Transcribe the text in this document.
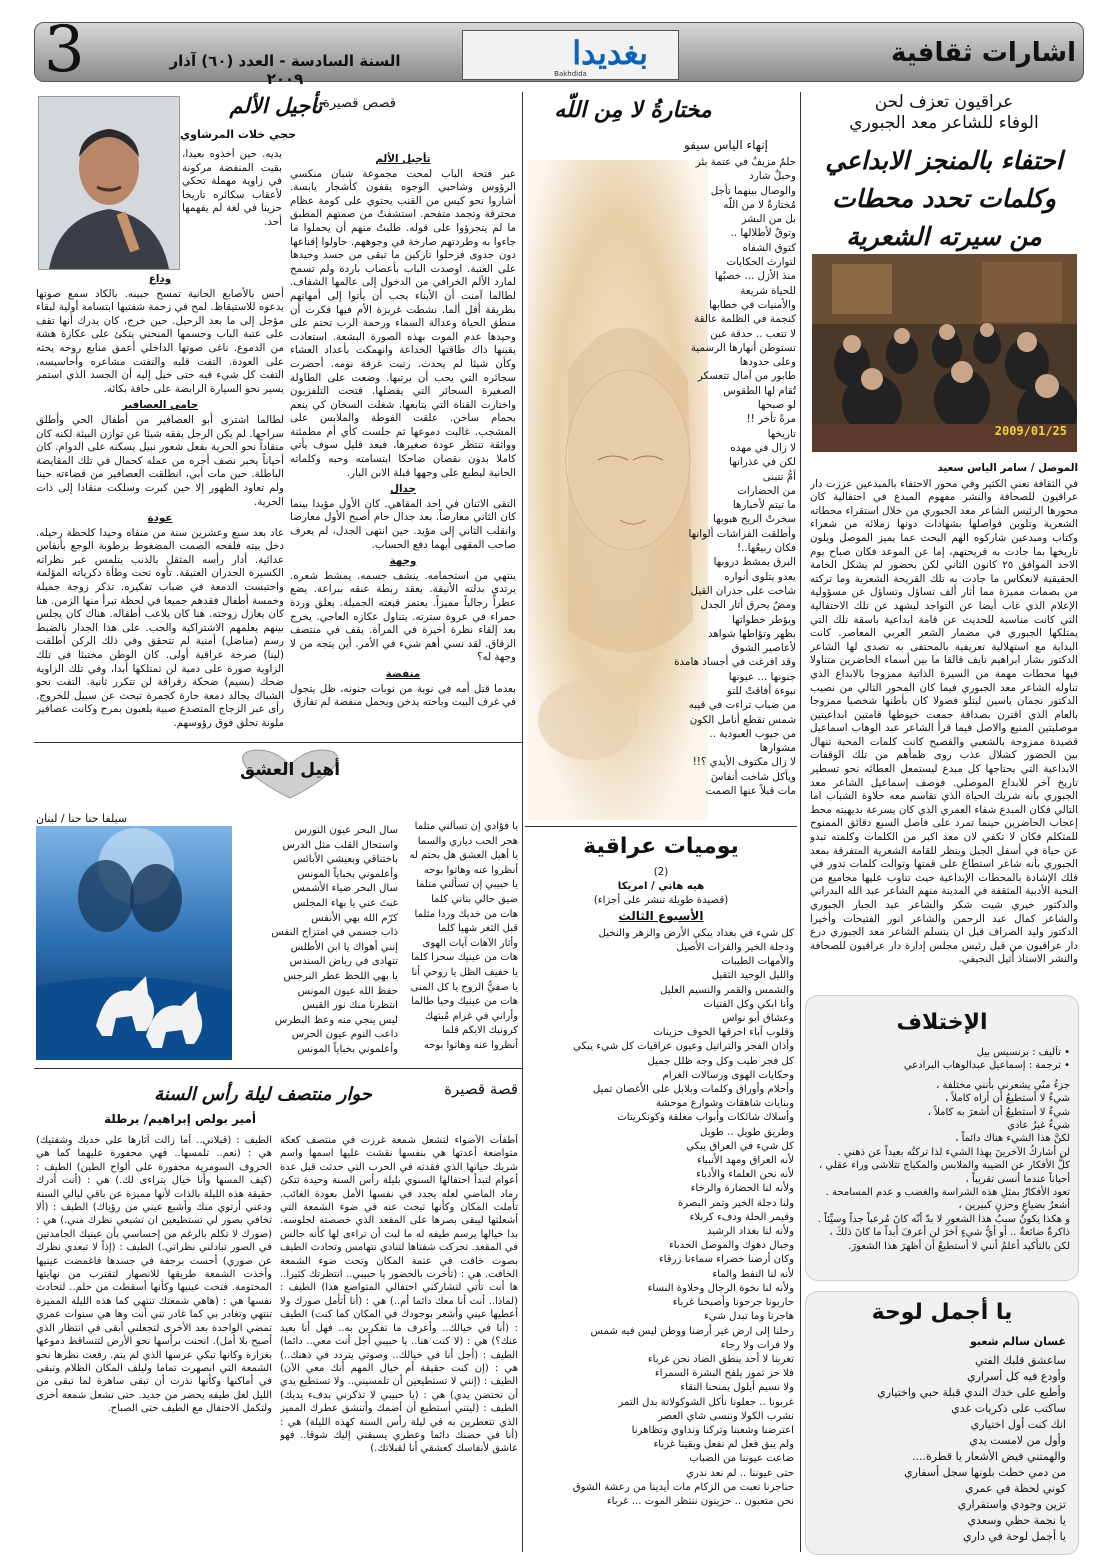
3	السنة السادسة - العدد (٦٠) آذار ٢٠٠٩
بغديدا
Bakhdida
اشارات ثقافية
عراقيون تعزف لحن
الوفاء للشاعر معد الجبوري
احتفاء بالمنجز الابداعي
وكلمات تحدد محطات
من سيرته الشعرية
2009/01/25

الموصل / سامر الياس سعيد

في الثقافة تعني الكثير وفي محور الاحتفاء بالمبدعين عززت دار عراقيون للصحافة والنشر مفهوم المبدع في احتفالية كان محورها الرئيس الشاعر معد الجبوري من خلال استقراء محطاته الشعرية وتلوين فواصلها بشهادات دونها زملائه من شعراء وكتاب ومبدعين شاركوه الهم البحث عما يميز الموصل ويلون تاريخها بما جادت به قريحتهم، إما عن الموعد فكان صباح يوم الاحد الموافق ٢٥ كانون الثاني لكن بحضور لم يشكل الخامة الحقيقية لانعكاس ما جادت به تلك القريحة الشعرية وما تركته من بصمات مميزة مما أثار ألف تساؤل وتساؤل عن مسؤولية الإعلام الذي غاب أيضا عن التواجد ليشهد عن تلك الاحتفالية التي كانت مناسبة للحديث عن قامة ابداعية باسقة تلك التي يمتلكها الجبوري في مضمار الشعر العربي المعاصر. كانت البداية مع استهلالية تعريفية بالمحتفى به تصدى لها الشاعر الدكتور بشار ابراهيم نايف قالقا ما بين أسماء الحاضرين متناولا فيها محطات مهمة من السيرة الذاتية ممزوجا بالابداع الذي تناوله الشاعر معد الجبوري فيما كان المحور التالي من نصيب الدكتور نجمان ياسين ليتلو فصولا كان بأطنها شخصيا ممزوجا بالعام الذي اقترن بصداقة جمعت خيوطها قامتين ابداعيتين موصليتين المنيع والاصل فيما قرأ الشاعر عبد الوهاب اسماعيل قصيدة ممزوجة بالشعبي والفصيح كانت كلمات المحبة تنهال بين الحضور كشلال عذب روى ظمأهم من تلك الوقفات الابداعية التي يحتاجها كل مبدع ليستمعل العطائه نحو تسطير تاريخ آخر للابداع الموصلي. فوصف إسماعيل الشاعر معد الجبوري بأنه شريك الحياة الذي تقاسم معه حلاوة الشباب اما التالي فكان المبدع شفاء العمري الذي كان يسرعة بديهيته محط إعجاب الحاضرين حينما تمرد على فاصل السبع دقائق الممنوح للمتكلم فكان لا تكفي لان معد اكبر من الكلمات وكلمته تبدو عن حياة في أسفل الجبل وينظر للقامة الشعرية المتفرقة بمعد الجبوري بأنه شاعر استطاع على قمتها وتوالت كلمات تدور في فلك الإشادة بالمحطات الإبداعية حيث تناوب عليها مجاميع من النخبة الأدبية المثقفة في المدينة منهم الشاعر عبد الله البدراني والدكتور خيري شيت شكر والشاعر عبد الجبار الجبوري والشاعر كمال عبد الرحمن والشاعر انور الفتيحات وأخيرا الدكتور وليد الصراف قبل ان يتسلم الشاعر معد الجبوري درع دار عراقيون من قبل رئيس مجلس إدارة دار عراقيون للصحافة والنشر الاستاذ أثيل النجيفي.

الإختلاف
• تأليف : برنسيس بيل
• ترجمة : إسماعيل عبدالوهاب البرادعي
جزءُ منّي يشعرني بأنني مختلفة ،
شيءٌ لا أستطيعُ أن أراه كاملاً ،
شيءٌ لا أستطيعُ أن أشعرَ به كاملاً ،
شيءٌ غيرُ عادي
لكنَّ هذا الشيء هناك دائماً ،
لن أشاركُ الآخرينَ بهذا الشيء لذا تركتُه بعيداً عن ذهني .
كلُّ الأفكار عن الضيبة والملابس والمكياج تتلاشى وراء عقلي ،
أحياناً عندما أنسى تقريباً ،
تعود الأفكارُ بمثلِ هذه الشراسة والغضب و عدم المسامحة .
أشعرُ بضياعٍ وحزنٍ كبيرين ،
و هكذا يكونُ سببُ هذا الشعورِ لا بدّ أنّه كانَ مُرعباً جداً وسيِّئاً .
ذاكرةٌ ضائعةٌ .. أو أيُّ شيءٍ آخرَ لن أعرفَ أبداً ما كانَ ذلكَ ،
لكن بالتأكيد أعلمُ أنني لا أستطيعُ أن أظهرَ هذا الشعورَ.
يا أجمل لوحة
غسان سالم شعبو
ساعشق قلبك الفتي
وأودع فيه كل أسراري
وأطبع على خدك الندي قبلة حبي واختياري
ساكتب على ذكريات غدي
انك كنت أول اختياري
وأول من لامست يدي
والهمتني فيض الأشعار يا قطرة....
من دمي خطت بلونها سجل أسفاري
كوني لحظة في عمري
تزين وجودي واستقراري
يا نجمة حظي وسعدي
يا أجمل لوحة في داري
مختارةُ لا مِن اللّه
إنهاء الياس سيفو
حلمٌ مزيفٌ في عتمة بئر
وحبلٌ شارد
والوصال بينهما تأجل
مُختارةٌ لا من اللّه
بل من البشر
وتوقٌ لأطلالها ..
كتوق الشفاه
لتوارث الحكايات
منذ الأزل ... خصبُها
للحياة شريعة
والأمنيات في خطابها
كنجمة في الظلمة عالقة
لا تتعب .. حدقة عين
تستوطن أنهارها الرسمية
وعلى حدودها
طابور من آمال تتعسكر
تُقام لها الطقوس
لو صبحها
مرةً تأخر !!
تاريخها
لا زال في مهده
لكن في عذرانها
أمُّ تتبنى
من الحضارات
ما تيتم لأخبارها
سخرتْ الريح هبوبها
وأطلقت الفراشات ألوانها
فكان ربيعُها..!
البرق يمشط دروبها
يعدو يتلوى أنواره
شاخت على جدران القيل
ومضٌ يحرق أثار الجدل
ويؤطر خطواتها
بظهر وتؤاطها شواهد
لأعاصير الشوق
وقد افرغت في أجساد هامدة
جنونها ... عيونها
نبوءة أفاقتْ للتو
من ضباب تراءت في قيبه
شمس تقطع أنامل الكون
من جيوب العبودية ..
مشوارها
لا زال مكتوف الأيدي ؟!!
ويأكل شاخت أنفاسَ
مات قبلاً عنها الصمت
يوميات عراقية
(2)
هيه هاني / امريكا
(قصيدة طويلة تنشر على أجزاء)
الأسبوع الثالث
كل شيء في بغداد يبكي الأرض والزهر والنخيل
ودجلة الخير والفرات الأصيل
والأمهات الطيبات
والليل الوحيد الثقيل
والشمس والقمر والنسيم العليل
وأنا ابكي وكل الفتيات
وعشاق أبو نواس
وقلوب آباء احرقها الخوف حزينات
وأذان الفجر والتراتيل وعيون عراقيات كل شيء يبكي
كل فجر طيب وكل وجه ظلل جميل
وحكايات الهوى ورسالات الغرام
وأحلام وأوراق وكلمات وبلابل على الأغصان تميل
وبنايات شاهقات وشوارع موحشة
وأسلاك شائكات وأبواب مغلقة وكونكريتات
وطريق طويل .. طويل
كل شيء في العراق يبكي
لأنه العراق ومهد الأنبياء
لأنه نحن العلماء والأدباء
ولأنه لنا الحضارة والرخاء
ولنا دجلة الخير وتمر البصرة
وقيمر الحلة ودفء كربلاء
ولأنه لنا بغداد الرشيد
وجبال دهوك والموصل الحدباء
وكان أرضنا خضراء سماءنا زرقاء
لأنه لنا النفط والماء
ولأنه لنا نخوة الرجال وحلاوة النساء
حاربونا جرحونا وأصبحنا غرباء
هاجرنا وما تبدل شيء
رحلنا إلى ارض غير أرضنا ووطن ليس فيه شمس
ولا فرات ولا رجاء
تغربنا لا أحد ينطق الضاد نحن غرباء
فلا حر تموز يلفح البشرة السمراء
ولا نسيم أيلول يمنحنا النقاء
غربونا .. جعلونا نأكل الشوكولاتة بدل التمر
نشرب الكولا وننسى شاي العصر
اعترضنا وشعبنا وتركنا ونداوي وتظاهرنا
ولم يبق فعل لم نفعل وبقينا غرباء
ضاعت عيوننا من الضباب
حتى عيوننا .. لم نعد ندري
حناجرنا تعبت من الزكام مات أيدينا من رعشة الشوق
نحن متعبون .. حزينون ننتظر الموت ... غرباء
قصص قصيرة..
تأجيل الألم
حجي خلات المرشاوي
تأجيل الألم

عبر فتحة الباب لمحت مجموعة شبان منكسي الرؤوس وشاحبي الوجوه يقفون كأشجار يابسة. أشاروا نحو كيس من القنب يحتوي على كومة عظام محترقة وتجمد متفحم. استشفتُ من صمتهم المطبق ما لم يتجرؤوا على قوله. طلبتُ منهم أن يحملوا ما جاءوا به وطردتهم صارخة في وجوههم. حاولوا إقناعها دون جدوى فرحلوا تاركين ما تبقى من جسد وحيدها على العتبة. اوصدت الباب بأعصاب باردة ولم تسمح لمارد الألم الخرافي من الدخول إلى عالمها الشفاف. لطالما آمنت أن الأبناء يجب أن يأتوا إلى أمهاتهم بطريقة أقل ألما. نشطت غريزة الأم فيها فكرت أن منطق الحياة وعدالة السماء ورحمة الرب تحتم على وحيدها عدم الموت بهذه الصورة البشعة. استعادت يقينها ذاك طاقتها الخداعة وانهمكت بأعداد العشاء وكأن شيئا لم يحدث. رتبت غرفة نومه. أحضرت سجائره التي يحب أن يرتبها. وضعت على الطاولة الصغيرة السجائر التي يفضلها. فتحت التلفزيون واختارت القناة التي يتابعها. شغلت السخان كي ينعم بحمام ساخن. علقت الفوطة والملابس على المشجب. غالبت دموعها ثم جلست كأي أم مطمئنة وواثقة تنتظر عودة صغيرها، فبعد قليل سوف يأتي كاملا بدون نقصان ضاحكا ابتسامته وحبه وكلماته الحانية ليطبع على وجهها قبلة الابن البار.

جدال

التقى الاثنان في احد المقاهي. كان الأول مؤيدا بينما كان الثاني معارضاً. بعد جدال حام أصبح الأول معارضا وانقلب الثاني إلى مؤيد. حين انتهى الجدل، لم يعرف صاحب المقهى أيهما دفع الحساب.

وجهة

ينتهي من استحمامه. ينشف جسمه. يمشط شعره. يرتدي بدلته الأنيقة. يعقد ربطة عنقه ببراعة. يضع عطراً رجالياً مميزاً. يعتمر قبعته الجميلة. يعلق وردة حمراء في عروة سترته. يتناول عكازه العاجي. يخرج بعد إلقاء نظرة أخيرة في المرآة. يقف في منتصف الزقاق. لقد نسي أهم شيء في الأمر. أين يتجه من لا وجهة له؟

منفضة

بعدما قتل أمه في نوبة من نوبات جنونه، ظل يتجول في غرف البيت وباحته يدخن ويحمل منفضة لم تفارق

يديه. حين أخذوه بعيدا، بقيت المنفضة مركونة في زاوية مهملة تحكي لأعقاب سكائره تاريخا حزينا في لغة لم يفهمها أحد.

وداع

أحس بالأصابع الحانية تمسح جبينه. بالكاد سمع صوتها يدعوه للاستيقاظ. لمح في زحمة شفتيها ابتسامة أولية لبقاء مؤجل إلى ما بعد الرحيل. حين خرج، كان يدرك أنها تقف على عتبة الباب وجسمها المنحني يتكئ على عكازة هشة من الدموع. ناغى صوتها الداخلي أعمق منابع روحه يحثه على العودة. التفت قلبه والتفتت مشاعره وأحاسيسه. التفت كل شيء فيه حتى خيل إليه أن الجسد الذي استمر يسير نحو السيارة الرابضة على حافة بكائه.

حامي العصافير

لطالما اشترى أبو العصافير من أطفال الحي وأطلق سراحها. لم يكن الرجل يفقه شيئا عن توازن البيئة لكنه كان منقاداً نحو الحرية بفعل شعور نبيل يسكنه على الدوام. كان أحياناً يخبر نصف أجره من عمله كحمال في تلك المقايضة الباطلة. حين مات أبي، انطلقت العصافير من قضاءته حينا ولم تعاود الظهور إلا حين كبرت وسلكت منقادا إلى ذات الحرية.

عودة

عاد بعد سبع وعشرين سنة من منفاه وحيدا كلحظة رحيله. دخل بيته فلفحه الصمت المضغوط برطوبة الوجع بأنفاس عدائية. أدار رأسه المثقل بالذنب يتلمس عبر نظراته الكسيرة الجدران العتيقة. تأوه تحت وطأة ذكرياته المؤلمة واحتبست الدمعة في ضباب تفكيره. تذكر زوجة جميلة وخمسة أطفال فقدهم جميعا في لحظة تبرأ منها الزمن. هنا كان يغازل زوجته. هنا كان يلاعب أطفاله. هناك كان يجلس بينهم يعلمهم الاشتراكية والحب. على هذا الجدار بالضبط رسم (مناضل) أمنية لم تتحقق وفي ذلك الركن أطلقت (لينا) صرخة عراقية أولى. كان الوطن مختبئا في تلك الزاوية صورة على دمية لن تمتلكها أبدا، وفي تلك الزاوية ضحك (بسيم) ضحكة رقراقة لن تتكرر ثانية. التفت نحو الشباك يجالد دمعة حارة كجمرة تبحث عن سبيل للخروج. رأى عبر الزجاج المتصدع صبية يلعبون بمرح وكانت عصافير ملونة تحلق فوق رؤوسهم.

أهيل العشق
سيلفا حنا حنا / لبنان
سال البحر عيون النورس
واستحال القلب مثل الدرس
باختناقي وبعيشي الأبائس
وأعلموني بخباياً المونس
سال البحر ضياء الأشمس
غبتَ عني يا بهاء المجلس
كرّم الله بهي الأنفس
ذاب جسمي في امتزاج النفس
إنني أهواك يا ابن الأطلس
تتهادى في رياض السندس
يا بهي اللحظ عطر النرجس
حفظ الله عيون المونس
انتظرنا منك نور القبس
ليس ينجي منه وعظ البطرس
داعب النوم عيون الحرس
وأعلموني بخباياً المونس
يا فؤادي إن تسألني متلما
هجر الحب دياري والسما
يا أهيل العشق هل بحتم له
أنظروا عنه وهاتوا بوحه
يا حبيبي إن تسألني متلما
ضيق حالي بناني كلما
هات من خديك وردا مثلما
قبل الثغر شهيا كلما
وأثار الآهات آيات الهوى
هات من عينيك سحرا كلما
يا خفيف الظل يا روحي أنا
يا صفيُّ الروح يا كل المنى
هات من عينيك وحيا طالما
وأراني في غرام مُبتهك
كرونيك الايكم قلما
أنظروا عنه وهاتوا بوحه
قصة قصيرة
حوار منتصف ليلة رأس السنة
أمير بولص إبراهيم/ برطلة

أطفأت الأضواء لتشعل شمعة غرزت في منتصف كعكة متواضعة أعدتها هي بنفسها نقشت عليها اسمها واسم شريك حياتها الذي فقدته في الحرب التي حدثت قبل عدة أعوام لتبدأ احتفالها السنوي بليلة رأس السنة وحيدة تتكئ رماد الماضي لعله يجدد في نفسها الأمل بعودة الغائب. تأملت المكان وكأنها تبحث عنه في ضوء الشمعة التي أشعلتها ليبقى بصرها على المقعد الذي خصصته لجلوسه. بدا خيالها يرسم طيفه له ما لبث أن تراءى لها كأنه جالس في المقعد. تحركت شفتاها لتنادي نتهامس وتحادث الطيف بصوت خافت في عتمة المكان وتحت ضوء الشمعة الخافت. هي : (تأخرت بالحضور يا حبيبي.. انتظرتك كثيرا.. ها أنت تأتي لتشاركني احتفالي المتواضع هذا) الطيف : (لماذا.. أنت أنا معك دائما أم..) هي : (أنا أتأمل صورك ولا أعطيها عيني وأشعر بوجودك في المكان كما كنت) الطيف : (أنا في خيالك.. وأعرف ما تفكرين به.. فهل أنا بعيد عنك؟) هي : (لا كنت هنا.. يا حبيبي أجل أنت معي.. دائما) الطيف : (أجل أنا في خيالك.. وصوتي يتردد في ذهنك..) هي : (إن كنت حقيقة أم خيال المهم أنك معي الآن) الطيف : (إنني لا تستطيعين أن تلمسيني.. ولا تستطيع يدي أن تحتضن يدي) هي : (يا حبيبي لا تذكرني بدفء يديك) الطيف : (ليتني أستطيع أن أضمك وأتنشق عطرك المميز الذي تتعطرين به في ليلة رأس السنة كهذه الليلة) هي : (أنا في حضنك دائما وعطري يسبقني إليك شوقا.. فهو عاشق لأنفاسك كعشقي أنا لقبلاتك.)

الطيف : (قبلاتي.. أما زالت آثارها على خديك وشفتيك) هي : (نعم.. تلمسها.. فهي محفورة عليهما كما هي الحروف السومرية محفورة على ألواح الطين) الطيف : (كيف المسها وأنا خيال يتراءى لك.) هي : (أنت أدرك حقيقة هذه الليلة بالذات لأنها مميزة عن باقي ليالي السنة ودعني أرتوي منك وأشبع عيني من رؤياك) الطيف : (ألا تخافي بصور لي تستطيعين ان تشبعي نظرك مني.) هي : (صورك لا تكلم بالرغم من إحساسي بأن عينيك الجامدتين في الصور تبادلني نظراتي.) الطيف : (إذاً لا تبعدي نظرك عن صوري) أحست برجفة في جسدها فاغمضت عينيها وأخذت الشمعة طريقها للانصهار لتقترب من نهايتها المحتومة. فتحت عينيها وكأنها أسقطت من حلم.. لتحادث نفسها هي : (هاهي شمعتك تنتهي كما هذه الليلة المميزة تنتهي وتغادر بي كما غادر تني أنت وها هي سنوات عمري تمضي الواحدة بعد الأخرى لتجعلني أبقى في انتظار الذي أصبح بلا أمل). انحنت برأسها نحو الأرض لتتساقط دموعها بغزارة وكانها تبكي عرسها الذي لم يتم. رفعت نظرها نحو الشمعة التي انصهرت تماما وليلف المكان الظلام وتبقى في أماكنها وكأنها نذرت أن تبقى ساهرة لما تبقى من الليل لعل طيفه يحضر من جديد. حتى تشعل شمعة أخرى ولتكمل الاحتفال مع الطيف حتى الصباح.
